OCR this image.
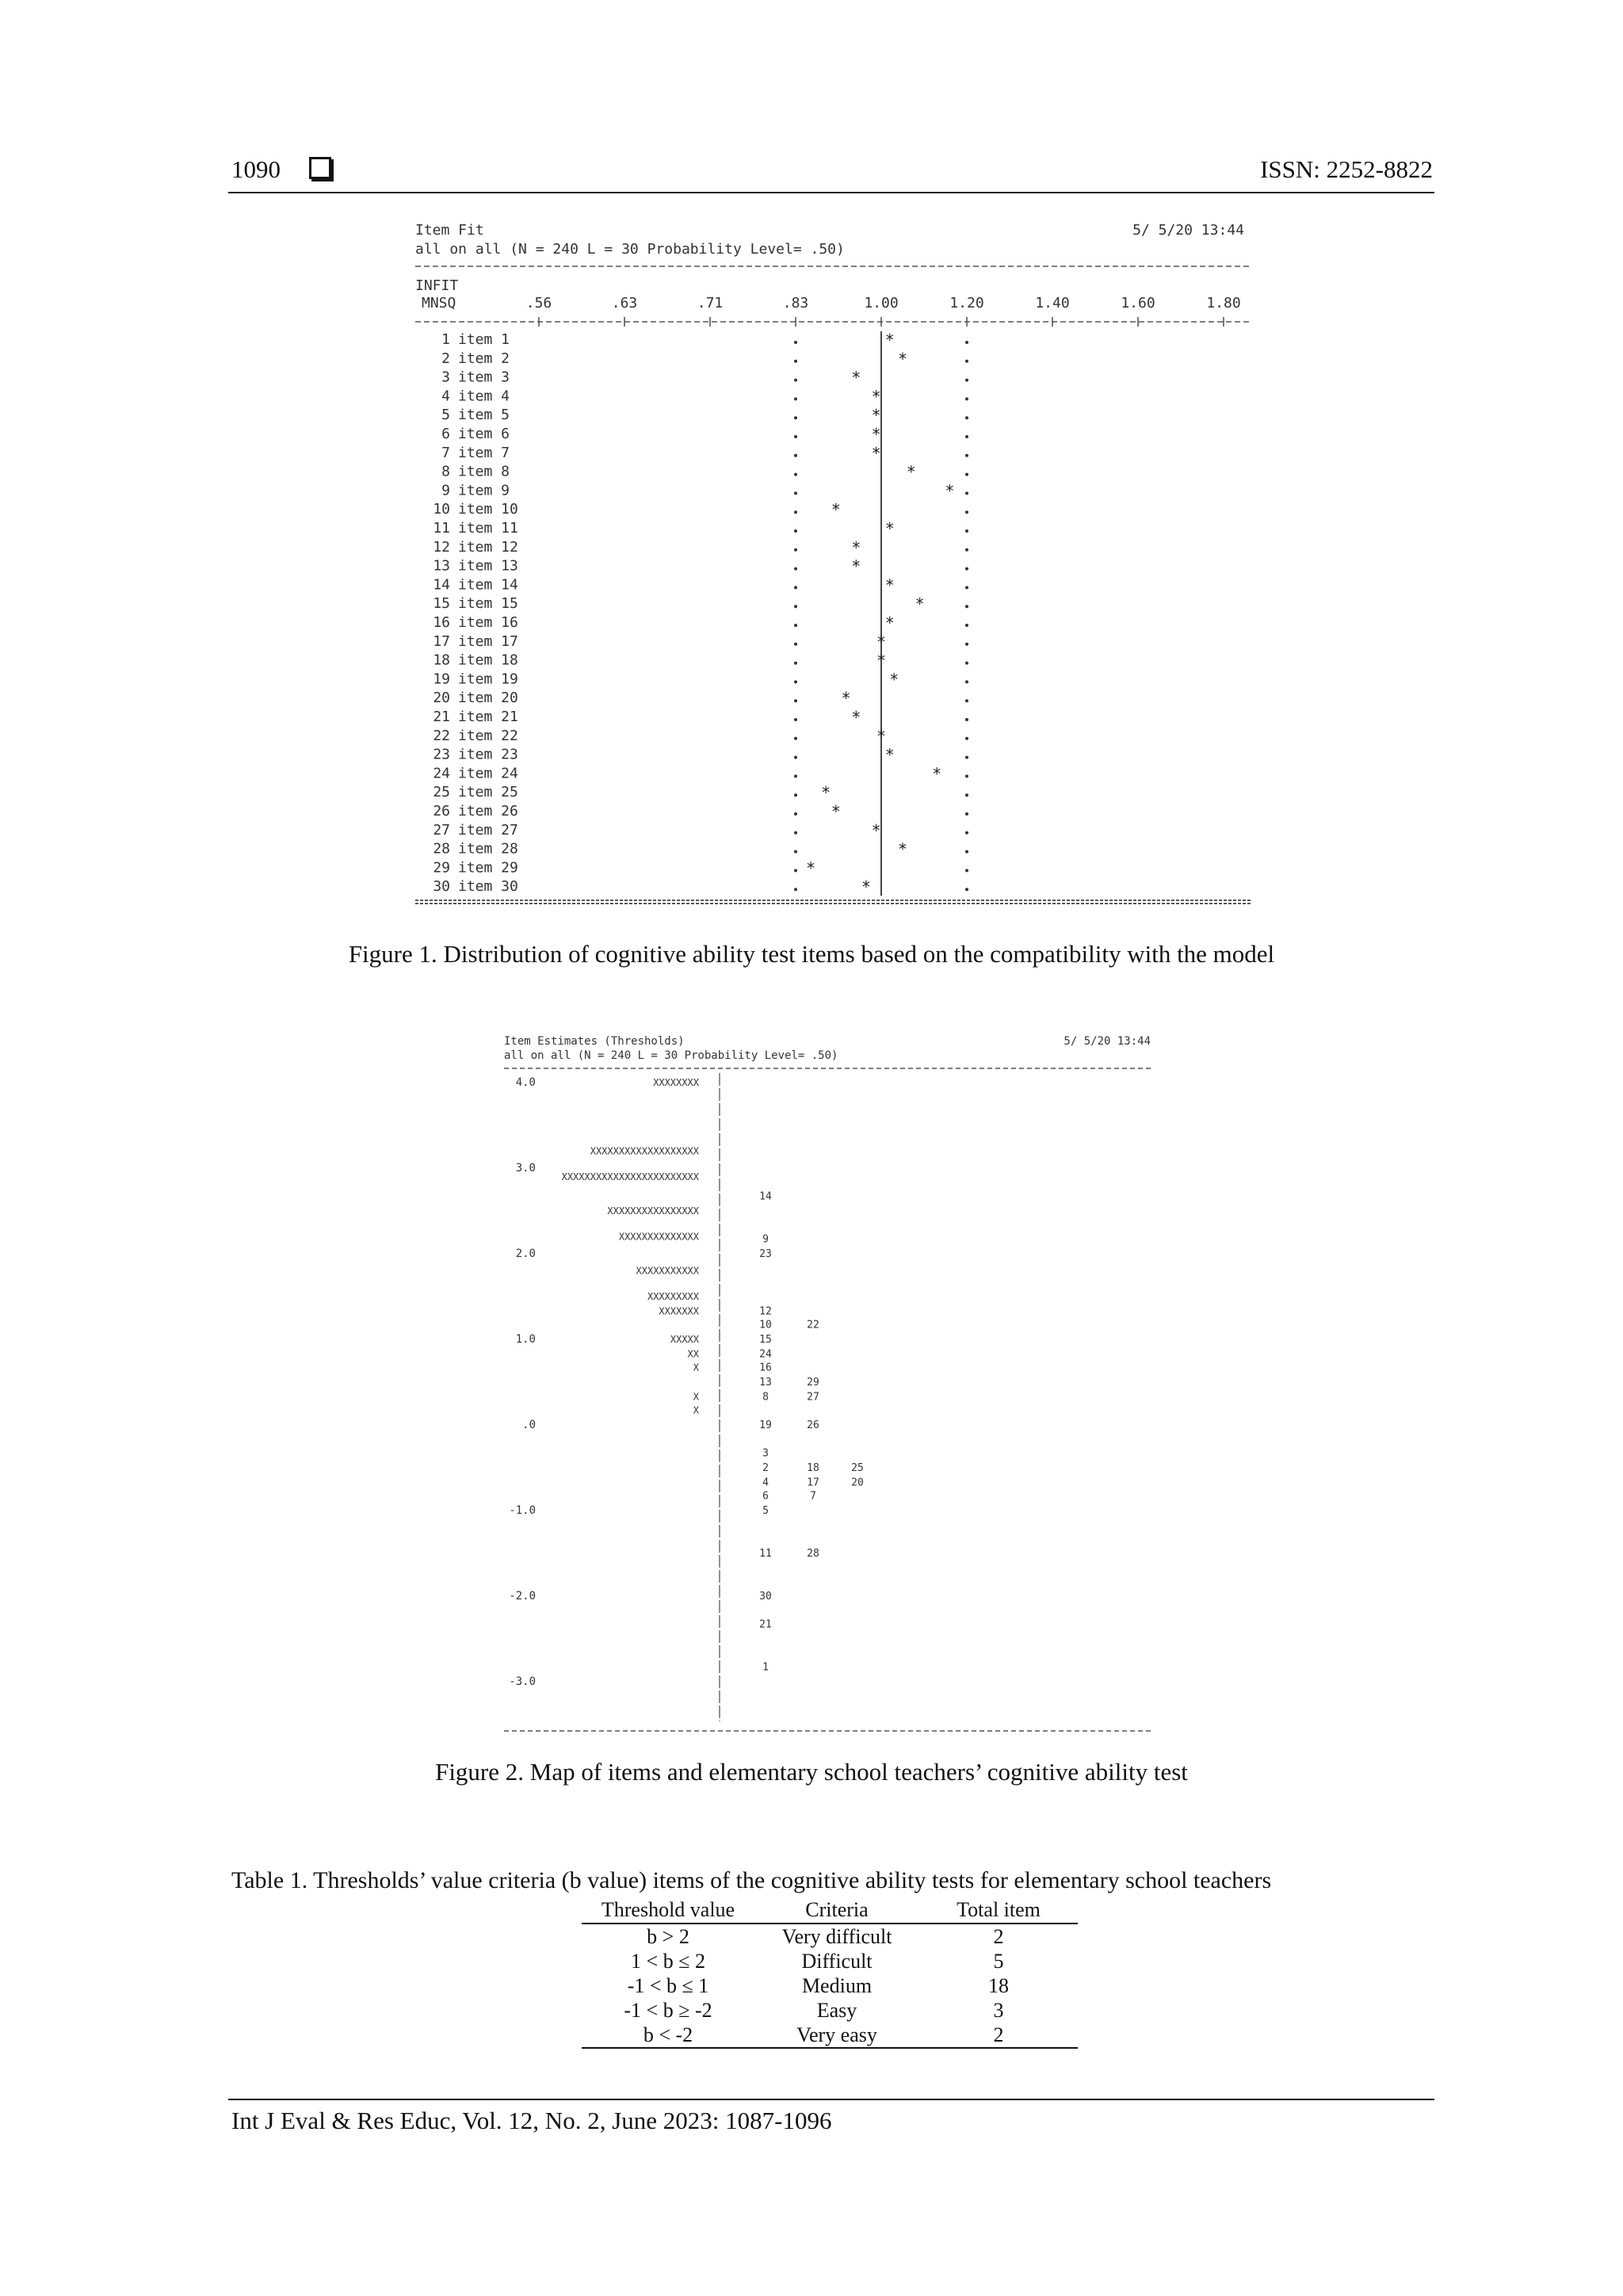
1090	ISSN: 2252-8822
Item Fit	5/ 5/20 13:44
all on all (N = 240 L = 30 Probability Level= .50)
INFIT
MNSQ	.56	.63	.71	.83	1.00	1.20	1.40	1.60	1.80
1 item 1	*
2 item 2	*
3 item 3	*
4 item 4	*
5 item 5	*
6 item 6	*
7 item 7	*
8 item 8	*
9 item 9	*
10 item 10	*
11 item 11	*
12 item 12	*
13 item 13	*
14 item 14	*
15 item 15	*
16 item 16	*
17 item 17	*
18 item 18	*
19 item 19	*
20 item 20	*
21 item 21	*
22 item 22	*
23 item 23	*
24 item 24	*
25 item 25	*
26 item 26	*
27 item 27	*
28 item 28	*
29 item 29	*
30 item 30	*
Figure 1. Distribution of cognitive ability test items based on the compatibility with the model
Item Estimates (Thresholds)	5/ 5/20 13:44
all on all (N = 240 L = 30 Probability Level= .50)
4.0
3.0
2.0
1.0
.0
-1.0
-2.0
-3.0
XXXXXXXX
XXXXXXXXXXXXXXXXXXX
XXXXXXXXXXXXXXXXXXXXXXXX
XXXXXXXXXXXXXXXX
XXXXXXXXXXXXXX
XXXXXXXXXXX
XXXXXXXXX
XXXXXXX
XXXXX
XX
X
X
X
14
9
23
12
10	22
15
24
16
13	29
8	27
19	26
3
2	18	25
4	17	20
6	7
5
11	28
30
21
1
Figure 2. Map of items and elementary school teachers’ cognitive ability test
Table 1. Thresholds’ value criteria (b value) items of the cognitive ability tests for elementary school teachers
Threshold value	Criteria	Total item
b > 2	Very difficult	2
1 < b ≤ 2	Difficult	5
-1 < b ≤ 1	Medium	18
-1 < b ≥ -2	Easy	3
b < -2	Very easy	2
Int J Eval & Res Educ, Vol. 12, No. 2, June 2023: 1087-1096
